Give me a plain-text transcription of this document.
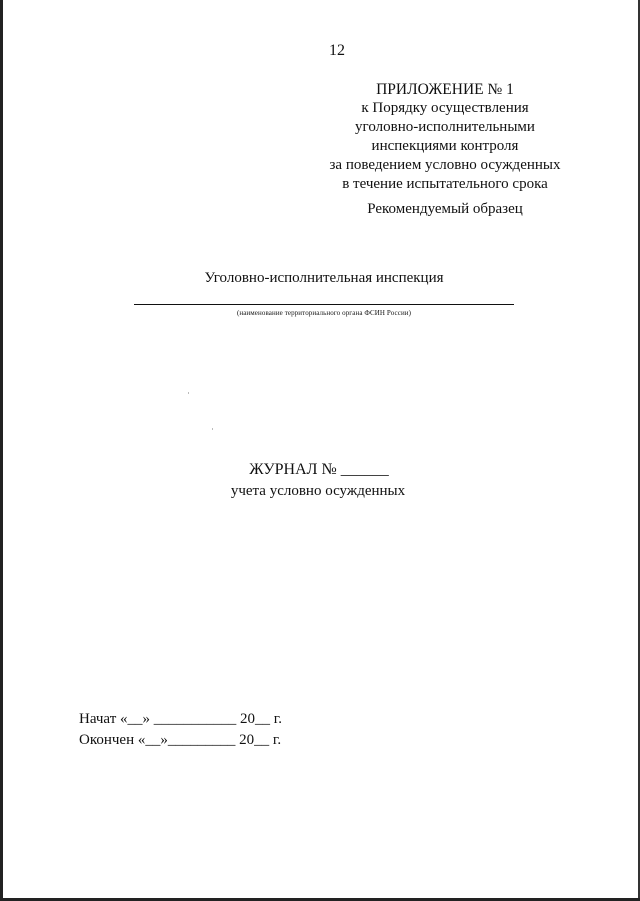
12
ПРИЛОЖЕНИЕ № 1
к Порядку осуществления
уголовно-исполнительными
инспекциями контроля
за поведением условно осужденных
в течение испытательного срока
Рекомендуемый образец
Уголовно-исполнительная инспекция
(наименование территориального органа ФСИН России)
ЖУРНАЛ № ______
учета условно осужденных
Начат «__» ___________ 20__ г.
Окончен «__»_________ 20__ г.
